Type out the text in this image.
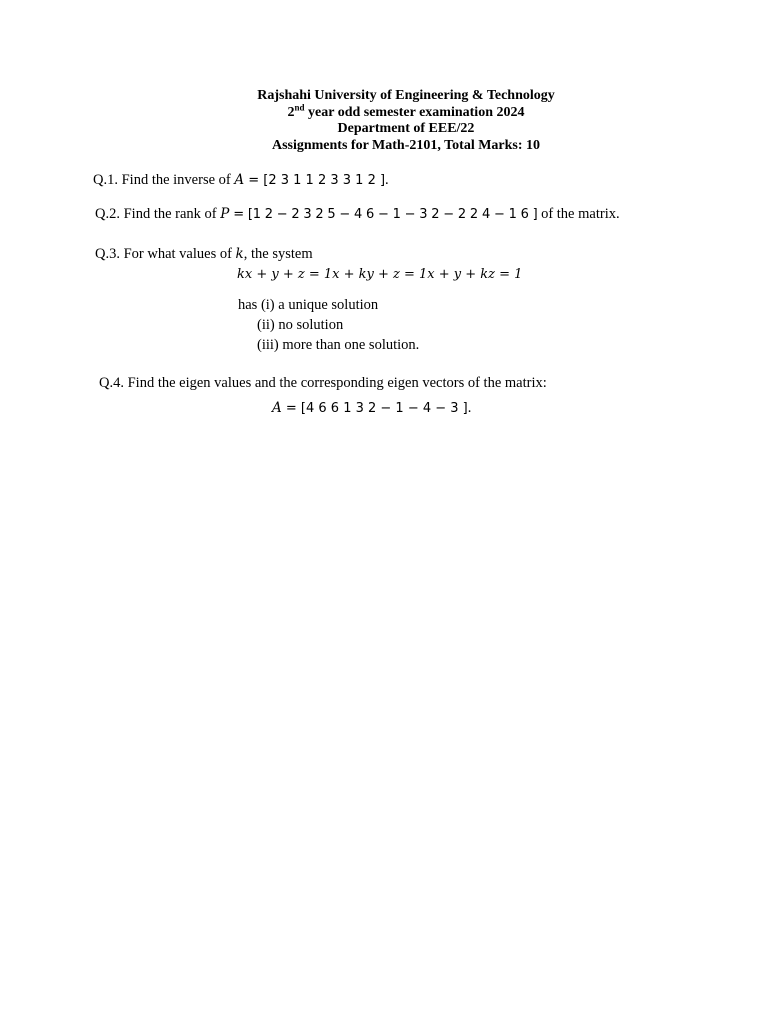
Rajshahi University of Engineering & Technology
2nd year odd semester examination 2024
Department of EEE/22
Assignments for Math-2101, Total Marks: 10
Q.1. Find the inverse of A = [2 3 1 1 2 3 3 1 2 ].
Q.2. Find the rank of P = [1 2 − 2 3 2 5 − 4 6 − 1 − 3 2 − 2 2 4 − 1 6 ] of the matrix.
Q.3. For what values of k, the system
kx + y + z = 1x + ky + z = 1x + y + kz = 1
has (i) a unique solution
(ii) no solution
(iii) more than one solution.
Q.4. Find the eigen values and the corresponding eigen vectors of the matrix:
A = [4 6 6 1 3 2 − 1 − 4 − 3 ].
